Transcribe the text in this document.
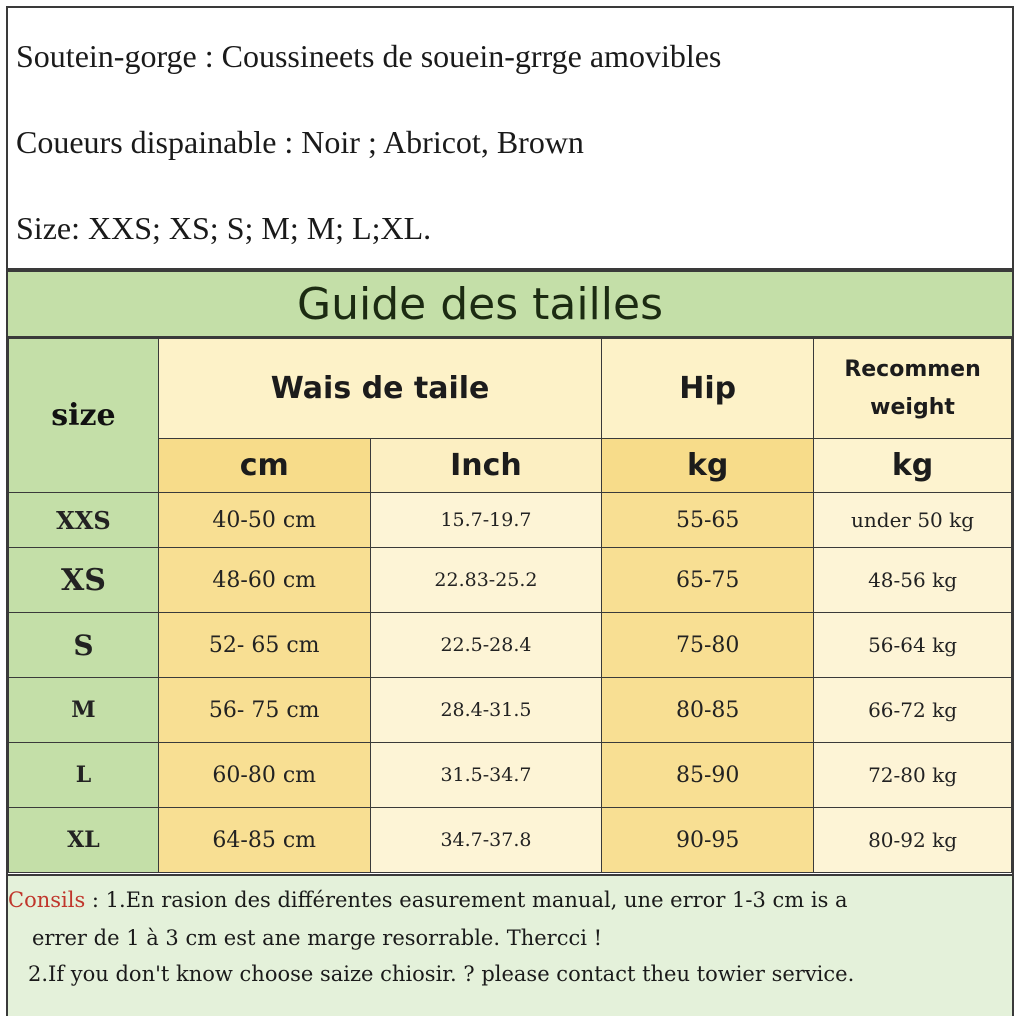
Soutein-gorge : Coussineets de souein-grrge amovibles
Coueurs dispainable : Noir ; Abricot, Brown
Size: XXS; XS; S; M; M; L;XL.
Guide des tailles
size	Wais de taile		Hip	Recommen
weight

	cm	Inch	kg	kg
XXS	40-50 cm	15.7-19.7	55-65	under 50 kg
XS	48-60 cm	22.83-25.2	65-75	48-56 kg
S	52- 65 cm	22.5-28.4	75-80	56-64 kg
M	56- 75 cm	28.4-31.5	80-85	66-72 kg
L	60-80 cm	31.5-34.7	85-90	72-80 kg
XL	64-85 cm	34.7-37.8	90-95	80-92 kg
Consils : 1.En rasion des différentes easurement manual, une error 1-3 cm is a
errer de 1 à 3 cm est ane marge resorrable. Thercci !
2.If you don't know choose saize chiosir. ? please contact theu towier service.
